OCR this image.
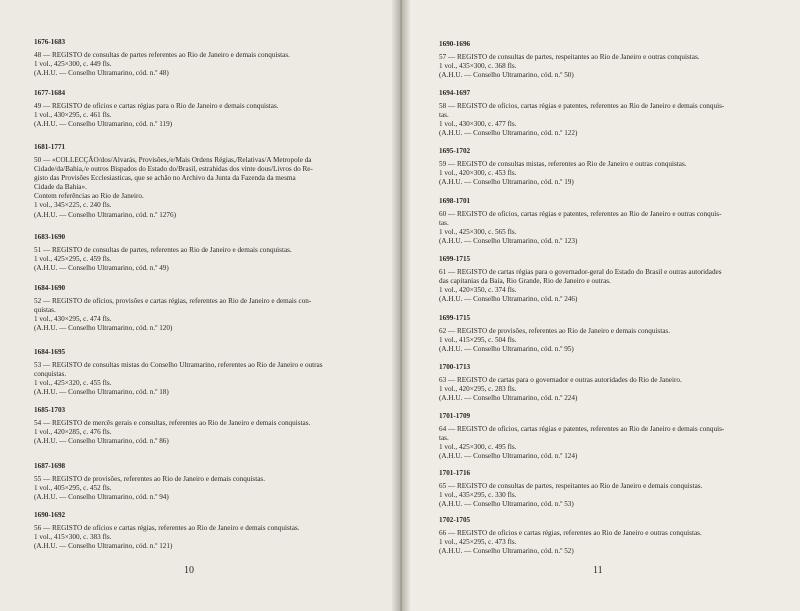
1676-1683
48 — REGISTO de consultas de partes referentes ao Rio de Janeiro e demais conquistas.
1 vol., 425×300, c. 449 fls.
(A.H.U. — Conselho Ultramarino, cód. n.º 48)
1677-1684
49 — REGISTO de ofícios e cartas régias para o Rio de Janeiro e demais conquistas.
1 vol., 430×295, c. 461 fls.
(A.H.U. — Conselho Ultramarino, cód. n.º 119)
1681-1771
50 — «COLLECÇÃO/dos/Alvarás, Provisões,/e/Mais Ordens Régias,/Relativas/A Metropole da
Cidade/da/Bahia,/e outros Bispados do Estado do/Brasil, estrahidas dos vinte dous/Livros do Re-
gisto das Provisões Ecclesiasticas, que se achão no Archivo da Junta da Fazenda da mesma
Cidade da Bahia».
Contem referências ao Rio de Janeiro.
1 vol., 345×225, c. 240 fls.
(A.H.U. — Conselho Ultramarino, cód. n.º 1276)
1683-1690
51 — REGISTO de consultas de partes, referentes ao Rio de Janeiro e demais conquistas.
1 vol., 425×295, c. 459 fls.
(A.H.U. — Conselho Ultramarino, cód. n.º 49)
1684-1690
52 — REGISTO de ofícios, provisões e cartas régias, referentes ao Rio de Janeiro e demais con-
quistas.
1 vol., 430×295, c. 474 fls.
(A.H.U. — Conselho Ultramarino, cód. n.º 120)
1684-1695
53 — REGISTO de consultas mistas do Conselho Ultramarino, referentes ao Rio de Janeiro e outras
conquistas.
1 vol., 425×320, c. 455 fls.
(A.H.U. — Conselho Ultramarino, cód. n.º 18)
1685-1703
54 — REGISTO de mercês gerais e consultas, referentes ao Rio de Janeiro e demais conquistas.
1 vol., 420×285, c. 476 fls.
(A.H.U. — Conselho Ultramarino, cód. n.º 86)
1687-1698
55 — REGISTO de provisões, referentes ao Rio de Janeiro e demais conquistas.
1 vol., 405×295, c. 452 fls.
(A.H.U. — Conselho Ultramarino, cód. n.º 94)
1690-1692
56 — REGISTO de ofícios e cartas régias, referentes ao Rio de Janeiro e demais conquistas.
1 vol., 415×300, c. 383 fls.
(A.H.U. — Conselho Ultramarino, cód. n.º 121)
10
1690-1696
57 — REGISTO de consultas de partes, respeitantes ao Rio de Janeiro e outras conquistas.
1 vol., 435×300, c. 368 fls.
(A.H.U. — Conselho Ultramarino, cód. n.º 50)
1694-1697
58 — REGISTO de ofícios, cartas régias e patentes, referentes ao Rio de Janeiro e demais conquis-
tas.
1 vol., 430×300, c. 477 fls.
(A.H.U. — Conselho Ultramarino, cód. n.º 122)
1695-1702
59 — REGISTO de consultas mistas, referentes ao Rio de Janeiro e outras conquistas.
1 vol., 420×300, c. 453 fls.
(A.H.U. — Conselho Ultramarino, cód. n.º 19)
1698-1701
60 — REGISTO de ofícios, cartas régias e patentes, referentes ao Rio de Janeiro e outras conquis-
tas.
1 vol., 425×300, c. 565 fls.
(A.H.U. — Conselho Ultramarino, cód. n.º 123)
1699-1715
61 — REGISTO de cartas régias para o governador-geral do Estado do Brasil e outras autoridades
das capitanias da Baía, Rio Grande, Rio de Janeiro e outras.
1 vol., 420×350, c. 374 fls.
(A.H.U. — Conselho Ultramarino, cód. n.º 246)
1699-1715
62 — REGISTO de provisões, referentes ao Rio de Janeiro e demais conquistas.
1 vol., 415×295, c. 504 fls.
(A.H.U. — Conselho Ultramarino, cód. n.º 95)
1700-1713
63 — REGISTO de cartas para o governador e outras autoridades do Rio de Janeiro.
1 vol., 420×295, c. 283 fls.
(A.H.U. — Conselho Ultramarino, cód. n.º 224)
1701-1709
64 — REGISTO de ofícios, cartas régias e patentes, referentes ao Rio de Janeiro e demais conquis-
tas.
1 vol., 425×300, c. 495 fls.
(A.H.U. — Conselho Ultramarino, cód. n.º 124)
1701-1716
65 — REGISTO de consultas de partes, respeitantes ao Rio de Janeiro e demais conquistas.
1 vol., 435×295, c. 330 fls.
(A.H.U. — Conselho Ultramarino, cód. n.º 53)
1702-1705
66 — REGISTO de ofícios e cartas régias, referentes ao Rio de Janeiro e outras conquistas.
1 vol., 425×295, c. 473 fls.
(A.H.U. — Conselho Ultramarino, cód. n.º 52)
11
